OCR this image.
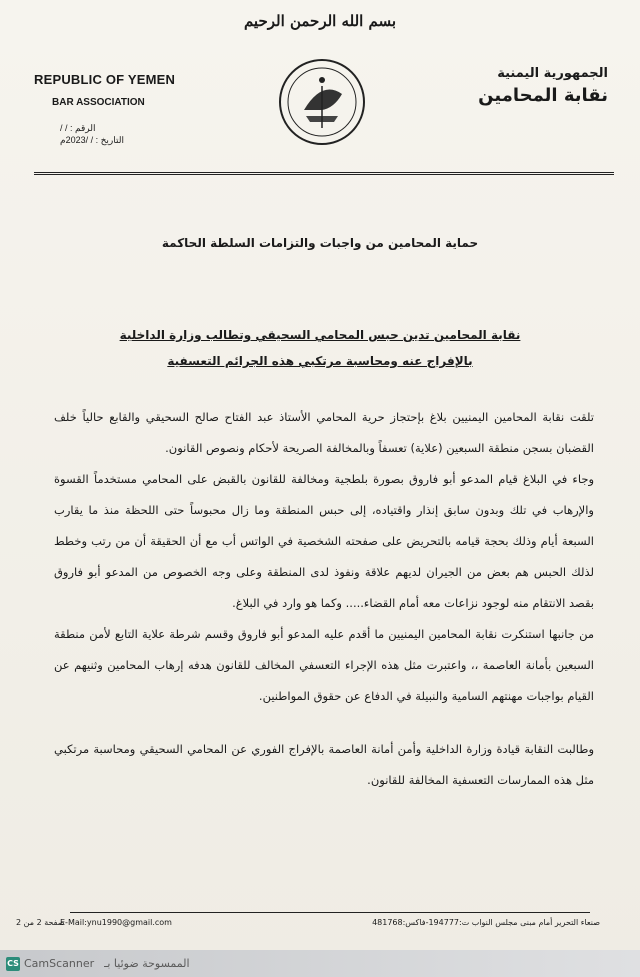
بسم الله الرحمن الرحيم
REPUBLIC OF YEMEN
BAR ASSOCIATION
الرقم : / /
التاريخ : / /2023م
الجمهورية اليمنية
نقابة المحامين
حماية المحامين من واجبات والتزامات السلطة الحاكمة
نقابة المحامين تدين حبس المحامي السحيقي وتطالب وزارة الداخلية بالإفراج عنه ومحاسبة مرتكبي هذه الجرائم التعسفية

تلقت نقابة المحامين اليمنيين بلاغ بإحتجاز حرية المحامي الأستاذ عبد الفتاح صالح السحيقي والقابع حالياً خلف القضبان بسجن منطقة السبعين (علاية) تعسفاً وبالمخالفة الصريحة لأحكام ونصوص القانون.

وجاء في البلاغ قيام المدعو أبو فاروق بصورة بلطجية ومخالفة للقانون بالقبض على المحامي مستخدماً القسوة والإرهاب في تلك وبدون سابق إنذار واقتياده، إلى حبس المنطقة وما زال محبوساً حتى اللحظة منذ ما يقارب السبعة أيام وذلك بحجة قيامه بالتحريض على صفحته الشخصية في الواتس أب مع أن الحقيقة أن من رتب وخطط لذلك الحبس هم بعض من الجيران لديهم علاقة ونفوذ لدى المنطقة وعلى وجه الخصوص من المدعو أبو فاروق بقصد الانتقام منه لوجود نزاعات معه أمام القضاء..... وكما هو وارد في البلاغ.

من جانبها استنكرت نقابة المحامين اليمنيين ما أقدم عليه المدعو أبو فاروق وقسم شرطة علاية التابع لأمن منطقة السبعين بأمانة العاصمة ،، واعتبرت مثل هذه الإجراء التعسفي المخالف للقانون هدفه إرهاب المحامين وثنيهم عن القيام بواجبات مهنتهم السامية والنبيلة في الدفاع عن حقوق المواطنين.

وطالبت النقابة قيادة وزارة الداخلية وأمن أمانة العاصمة بالإفراج الفوري عن المحامي السحيقي ومحاسبة مرتكبي مثل هذه الممارسات التعسفية المخالفة للقانون.

صنعاء التحرير أمام مبنى مجلس النواب ت:194777-فاكس:481768
E-Mail:ynu1990@gmail.com
صفحة 2 من 2
CS CamScanner الممسوحة ضوئيا بـ
